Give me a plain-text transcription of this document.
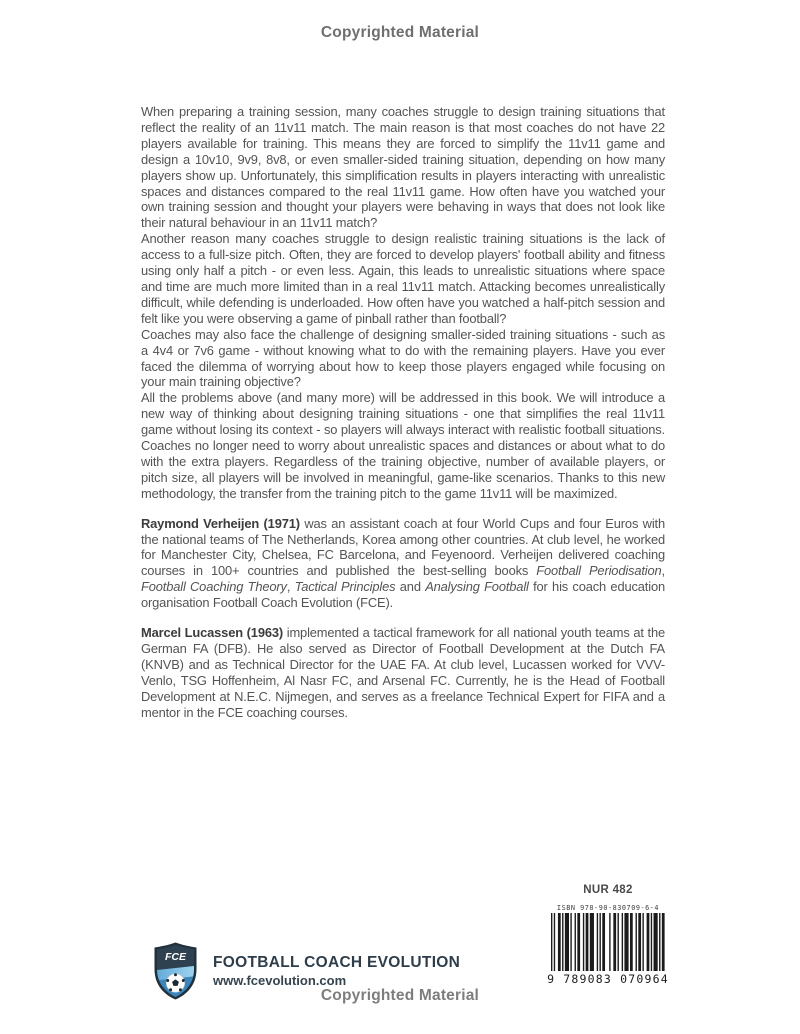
Copyrighted Material

When preparing a training session, many coaches struggle to design training situations that reflect the reality of an 11v11 match. The main reason is that most coaches do not have 22 players available for training. This means they are forced to simplify the 11v11 game and design a 10v10, 9v9, 8v8, or even smaller-sided training situation, depending on how many players show up. Unfortunately, this simplification results in players interacting with unrealistic spaces and distances compared to the real 11v11 game. How often have you watched your own training session and thought your players were behaving in ways that does not look like their natural behaviour in an 11v11 match?

Another reason many coaches struggle to design realistic training situations is the lack of access to a full-size pitch. Often, they are forced to develop players' football ability and fitness using only half a pitch - or even less. Again, this leads to unrealistic situations where space and time are much more limited than in a real 11v11 match. Attacking becomes unrealistically difficult, while defending is underloaded. How often have you watched a half-pitch session and felt like you were observing a game of pinball rather than football?

Coaches may also face the challenge of designing smaller-sided training situations - such as a 4v4 or 7v6 game - without knowing what to do with the remaining players. Have you ever faced the dilemma of worrying about how to keep those players engaged while focusing on your main training objective?

All the problems above (and many more) will be addressed in this book. We will introduce a new way of thinking about designing training situations - one that simplifies the real 11v11 game without losing its context - so players will always interact with realistic football situations. Coaches no longer need to worry about unrealistic spaces and distances or about what to do with the extra players. Regardless of the training objective, number of available players, or pitch size, all players will be involved in meaningful, game-like scenarios. Thanks to this new methodology, the transfer from the training pitch to the game 11v11 will be maximized.

Raymond Verheijen (1971) was an assistant coach at four World Cups and four Euros with the national teams of The Netherlands, Korea among other countries. At club level, he worked for Manchester City, Chelsea, FC Barcelona, and Feyenoord. Verheijen delivered coaching courses in 100+ countries and published the best-selling books Football Periodisation, Football Coaching Theory, Tactical Principles and Analysing Football for his coach education organisation Football Coach Evolution (FCE).

Marcel Lucassen (1963) implemented a tactical framework for all national youth teams at the German FA (DFB). He also served as Director of Football Development at the Dutch FA (KNVB) and as Technical Director for the UAE FA. At club level, Lucassen worked for VVV-Venlo, TSG Hoffenheim, Al Nasr FC, and Arsenal FC. Currently, he is the Head of Football Development at N.E.C. Nijmegen, and serves as a freelance Technical Expert for FIFA and a mentor in the FCE coaching courses.

NUR 482
ISBN 978-90-830709-6-4
9 789083 070964
FCE FOOTBALL COACH EVOLUTION
www.fcevolution.com
Copyrighted Material
